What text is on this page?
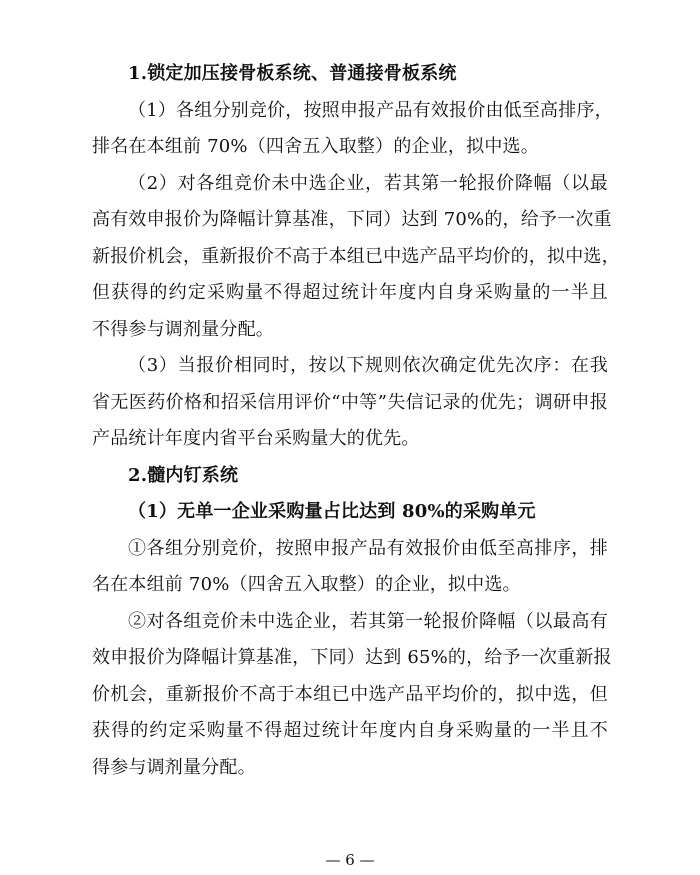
1.锁定加压接骨板系统、普通接骨板系统
（1）各组分别竞价，按照申报产品有效报价由低至高排序，
排名在本组前 70%（四舍五入取整）的企业，拟中选。
（2）对各组竞价未中选企业，若其第一轮报价降幅（以最
高有效申报价为降幅计算基准，下同）达到 70%的，给予一次重
新报价机会，重新报价不高于本组已中选产品平均价的，拟中选，
但获得的约定采购量不得超过统计年度内自身采购量的一半且
不得参与调剂量分配。
（3）当报价相同时，按以下规则依次确定优先次序：在我
省无医药价格和招采信用评价“中等”失信记录的优先；调研申报
产品统计年度内省平台采购量大的优先。
2.髓内钉系统
（1）无单一企业采购量占比达到 80%的采购单元
①各组分别竞价，按照申报产品有效报价由低至高排序，排
名在本组前 70%（四舍五入取整）的企业，拟中选。
②对各组竞价未中选企业，若其第一轮报价降幅（以最高有
效申报价为降幅计算基准，下同）达到 65%的，给予一次重新报
价机会，重新报价不高于本组已中选产品平均价的，拟中选，但
获得的约定采购量不得超过统计年度内自身采购量的一半且不
得参与调剂量分配。
— 6 —
